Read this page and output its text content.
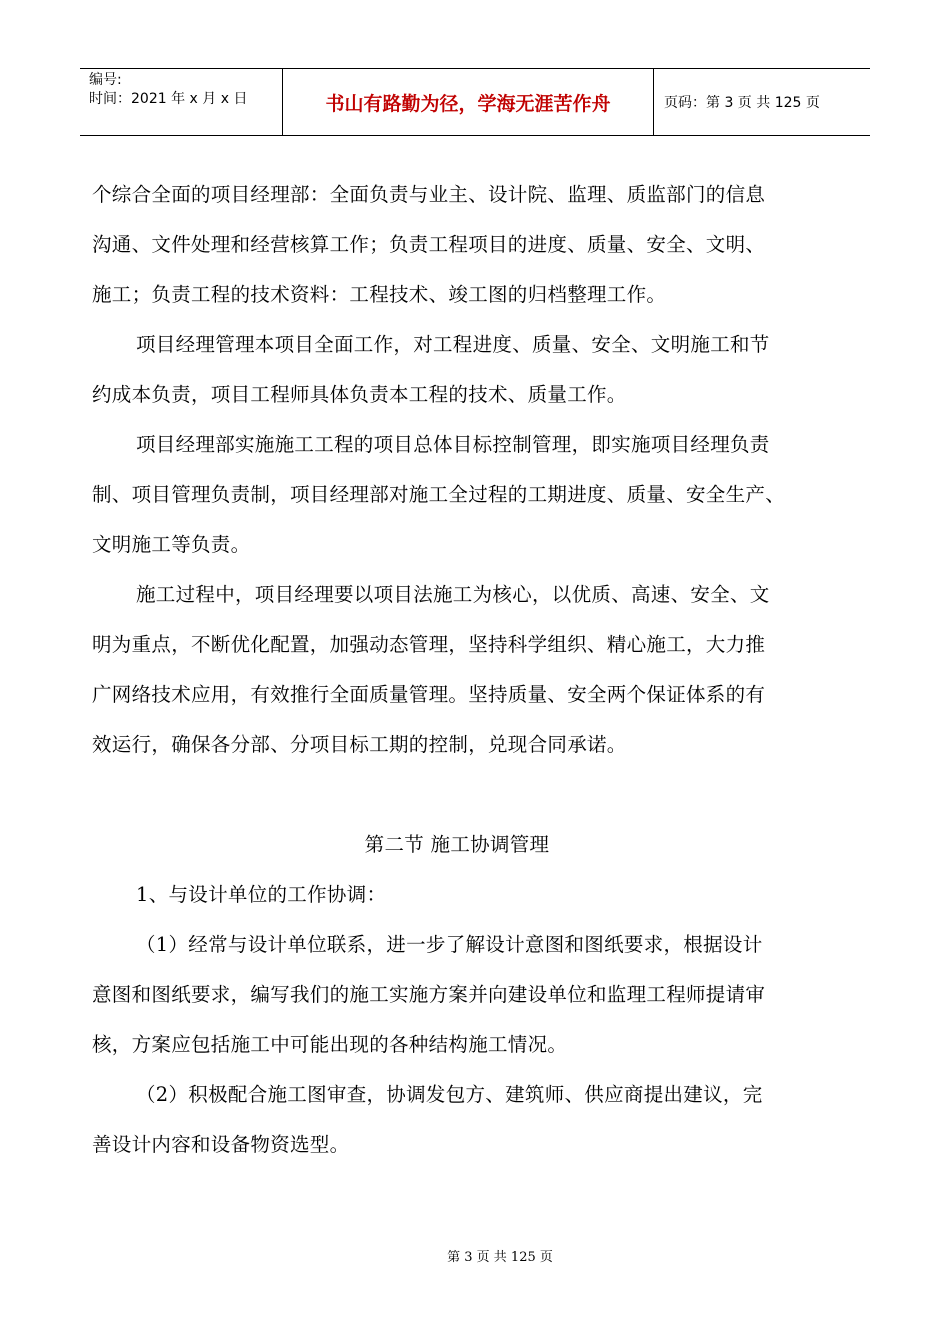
编号:
时间：2021 年 x 月 x 日	书山有路勤为径，学海无涯苦作舟	页码：第 3 页 共 125 页
个综合全面的项目经理部：全面负责与业主、设计院、监理、质监部门的信息
沟通、文件处理和经营核算工作；负责工程项目的进度、质量、安全、文明、
施工；负责工程的技术资料：工程技术、竣工图的归档整理工作。
项目经理管理本项目全面工作，对工程进度、质量、安全、文明施工和节
约成本负责，项目工程师具体负责本工程的技术、质量工作。
项目经理部实施施工工程的项目总体目标控制管理，即实施项目经理负责
制、项目管理负责制，项目经理部对施工全过程的工期进度、质量、安全生产、
文明施工等负责。
施工过程中，项目经理要以项目法施工为核心，以优质、高速、安全、文
明为重点，不断优化配置，加强动态管理，坚持科学组织、精心施工，大力推
广网络技术应用，有效推行全面质量管理。坚持质量、安全两个保证体系的有
效运行，确保各分部、分项目标工期的控制，兑现合同承诺。
第二节 施工协调管理
1、与设计单位的工作协调：
（1）经常与设计单位联系，进一步了解设计意图和图纸要求，根据设计
意图和图纸要求，编写我们的施工实施方案并向建设单位和监理工程师提请审
核，方案应包括施工中可能出现的各种结构施工情况。
（2）积极配合施工图审查，协调发包方、建筑师、供应商提出建议，完
善设计内容和设备物资选型。
第 3 页 共 125 页
